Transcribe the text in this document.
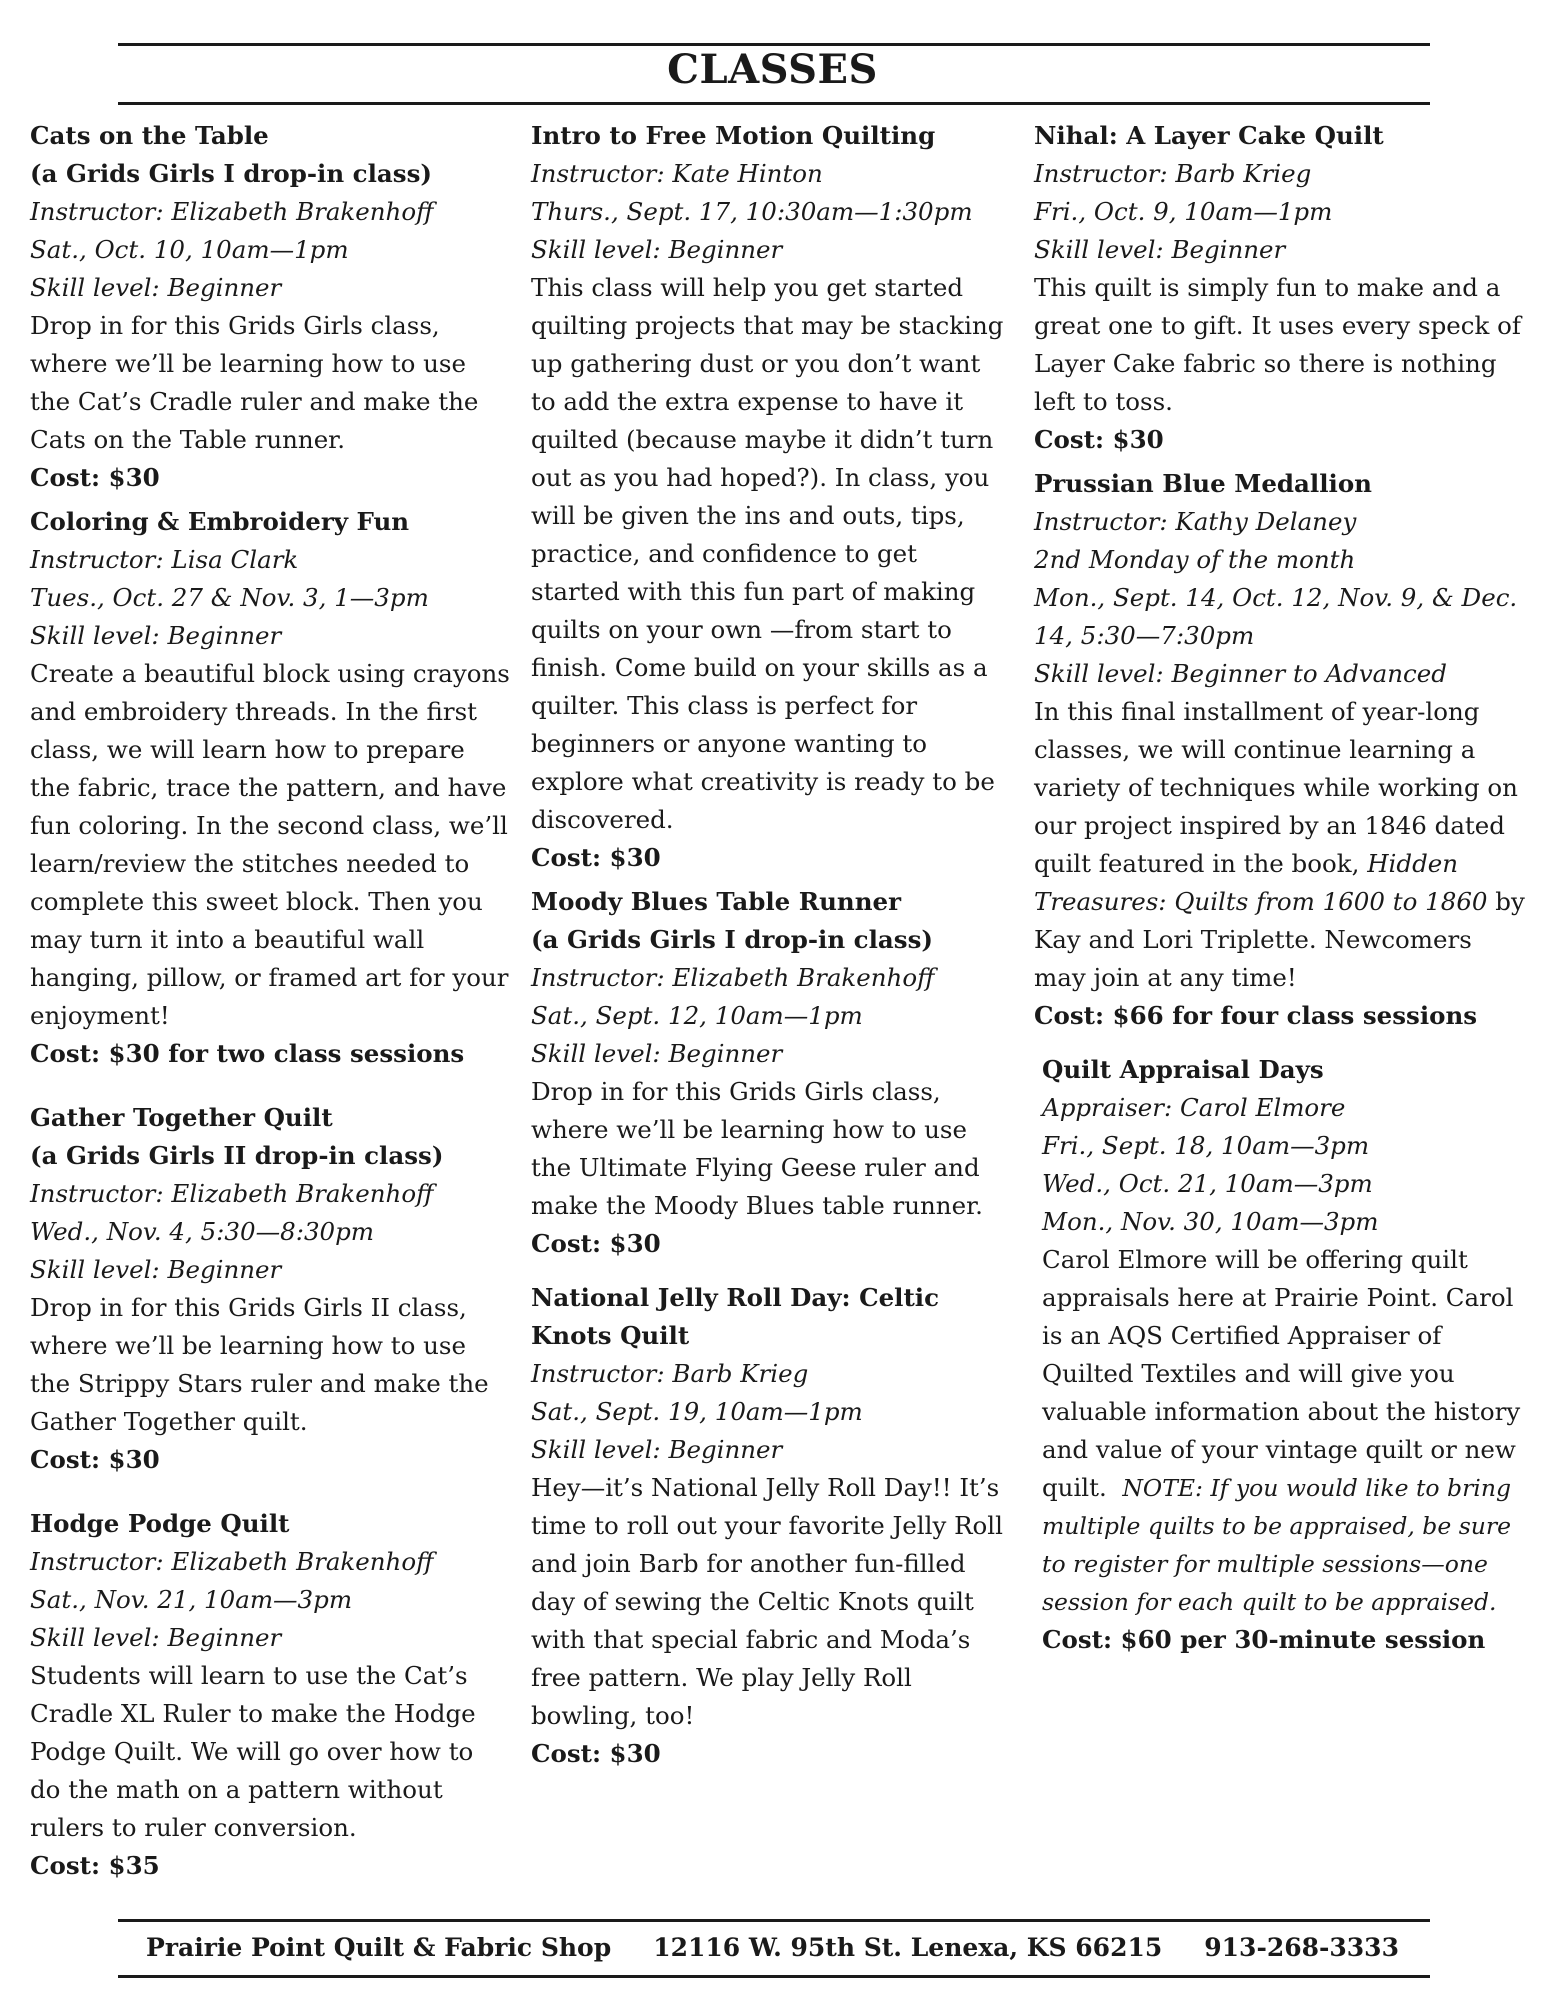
CLASSES
Cats on the Table
(a Grids Girls I drop-in class)
Instructor: Elizabeth Brakenhoff
Sat., Oct. 10, 10am—1pm
Skill level: Beginner
Drop in for this Grids Girls class, where we’ll be learning how to use the Cat’s Cradle ruler and make the Cats on the Table runner.
Cost: $30
Coloring & Embroidery Fun
Instructor: Lisa Clark
Tues., Oct. 27 & Nov. 3, 1—3pm
Skill level: Beginner
Create a beautiful block using crayons and embroidery threads. In the first class, we will learn how to prepare the fabric, trace the pattern, and have fun coloring. In the second class, we’ll learn/review the stitches needed to complete this sweet block. Then you may turn it into a beautiful wall hanging, pillow, or framed art for your enjoyment!
Cost: $30 for two class sessions
Gather Together Quilt
(a Grids Girls II drop-in class)
Instructor: Elizabeth Brakenhoff
Wed., Nov. 4, 5:30—8:30pm
Skill level: Beginner
Drop in for this Grids Girls II class, where we’ll be learning how to use the Strippy Stars ruler and make the Gather Together quilt.
Cost: $30
Hodge Podge Quilt
Instructor: Elizabeth Brakenhoff
Sat., Nov. 21, 10am—3pm
Skill level: Beginner
Students will learn to use the Cat’s Cradle XL Ruler to make the Hodge Podge Quilt. We will go over how to do the math on a pattern without rulers to ruler conversion.
Cost: $35
Intro to Free Motion Quilting
Instructor: Kate Hinton
Thurs., Sept. 17, 10:30am—1:30pm
Skill level: Beginner
This class will help you get started quilting projects that may be stacking up gathering dust or you don’t want to add the extra expense to have it quilted (because maybe it didn’t turn out as you had hoped?). In class, you will be given the ins and outs, tips, practice, and confidence to get started with this fun part of making quilts on your own —from start to finish. Come build on your skills as a quilter. This class is perfect for beginners or anyone wanting to explore what creativity is ready to be discovered.
Cost: $30
Moody Blues Table Runner
(a Grids Girls I drop-in class)
Instructor: Elizabeth Brakenhoff
Sat., Sept. 12, 10am—1pm
Skill level: Beginner
Drop in for this Grids Girls class, where we’ll be learning how to use the Ultimate Flying Geese ruler and make the Moody Blues table runner.
Cost: $30
National Jelly Roll Day: Celtic Knots Quilt
Instructor: Barb Krieg
Sat., Sept. 19, 10am—1pm
Skill level: Beginner
Hey—it’s National Jelly Roll Day!! It’s time to roll out your favorite Jelly Roll and join Barb for another fun-filled day of sewing the Celtic Knots quilt with that special fabric and Moda’s free pattern. We play Jelly Roll bowling, too!
Cost: $30
Nihal: A Layer Cake Quilt
Instructor: Barb Krieg
Fri., Oct. 9, 10am—1pm
Skill level: Beginner
This quilt is simply fun to make and a great one to gift. It uses every speck of Layer Cake fabric so there is nothing left to toss.
Cost: $30
Prussian Blue Medallion
Instructor: Kathy Delaney
2nd Monday of the month
Mon., Sept. 14, Oct. 12, Nov. 9, & Dec. 14, 5:30—7:30pm
Skill level: Beginner to Advanced
In this final installment of year-long classes, we will continue learning a variety of techniques while working on our project inspired by an 1846 dated quilt featured in the book, Hidden Treasures: Quilts from 1600 to 1860 by Kay and Lori Triplette. Newcomers may join at any time!
Cost: $66 for four class sessions
Quilt Appraisal Days
Appraiser: Carol Elmore
Fri., Sept. 18, 10am—3pm
Wed., Oct. 21, 10am—3pm
Mon., Nov. 30, 10am—3pm
Carol Elmore will be offering quilt appraisals here at Prairie Point. Carol is an AQS Certified Appraiser of Quilted Textiles and will give you valuable information about the history and value of your vintage quilt or new quilt. NOTE: If you would like to bring multiple quilts to be appraised, be sure to register for multiple sessions—one session for each quilt to be appraised.
Cost: $60 per 30-minute session
Prairie Point Quilt & Fabric Shop 12116 W. 95th St. Lenexa, KS 66215 913-268-3333
